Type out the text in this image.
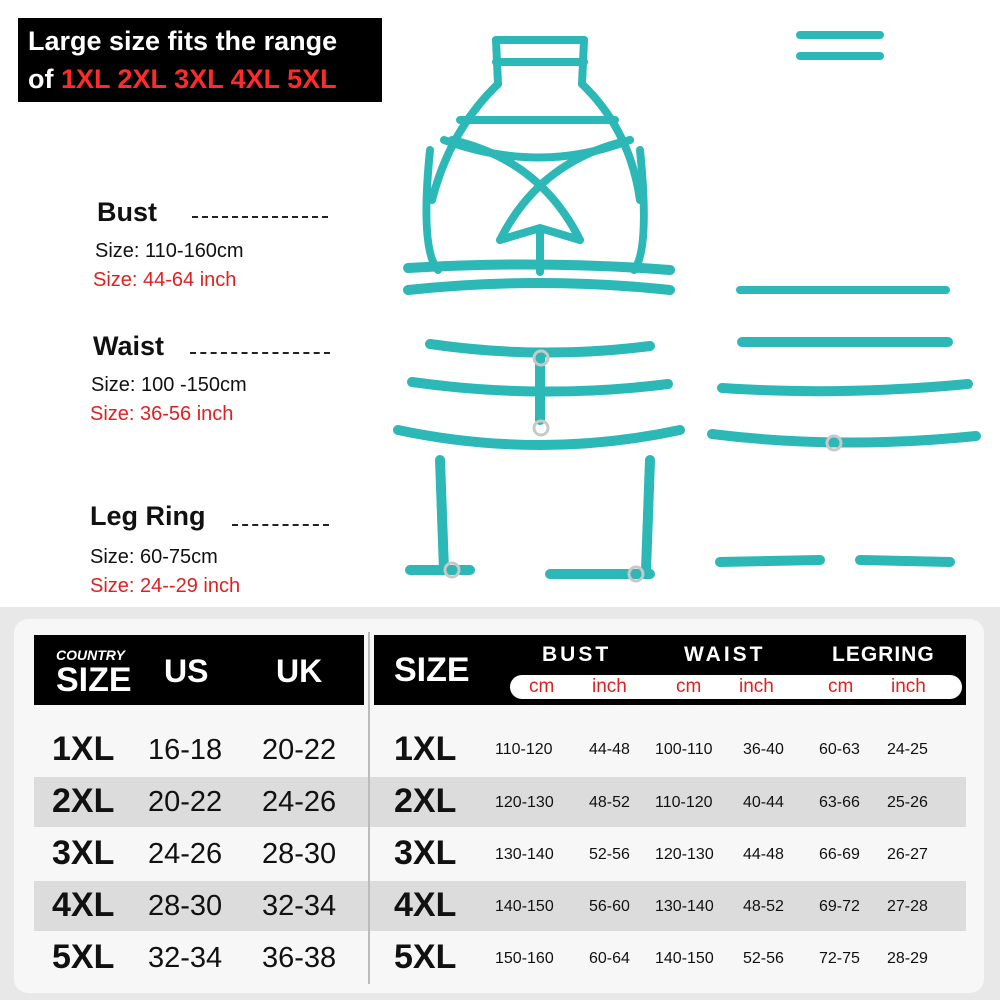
Large size fits the range
of 1XL 2XL 3XL 4XL 5XL
Bust
Size: 110-160cm
Size: 44-64 inch
Waist
Size: 100 -150cm
Size: 36-56 inch
Leg Ring
Size: 60-75cm
Size: 24--29 inch
COUNTRY
SIZE US UK SIZE	BUST	WAIST	LEGRING
cm inch	cm inch	cm inch
1XL 16-18 20-22 1XL 110-120 44-48 100-110 36-40 60-63 24-25
2XL 20-22 24-26 2XL 120-130 48-52 110-120 40-44 63-66 25-26
3XL 24-26 28-30 3XL 130-140 52-56 120-130 44-48 66-69 26-27
4XL 28-30 32-34 4XL 140-150 56-60 130-140 48-52 69-72 27-28
5XL 32-34 36-38 5XL 150-160 60-64 140-150 52-56 72-75 28-29
